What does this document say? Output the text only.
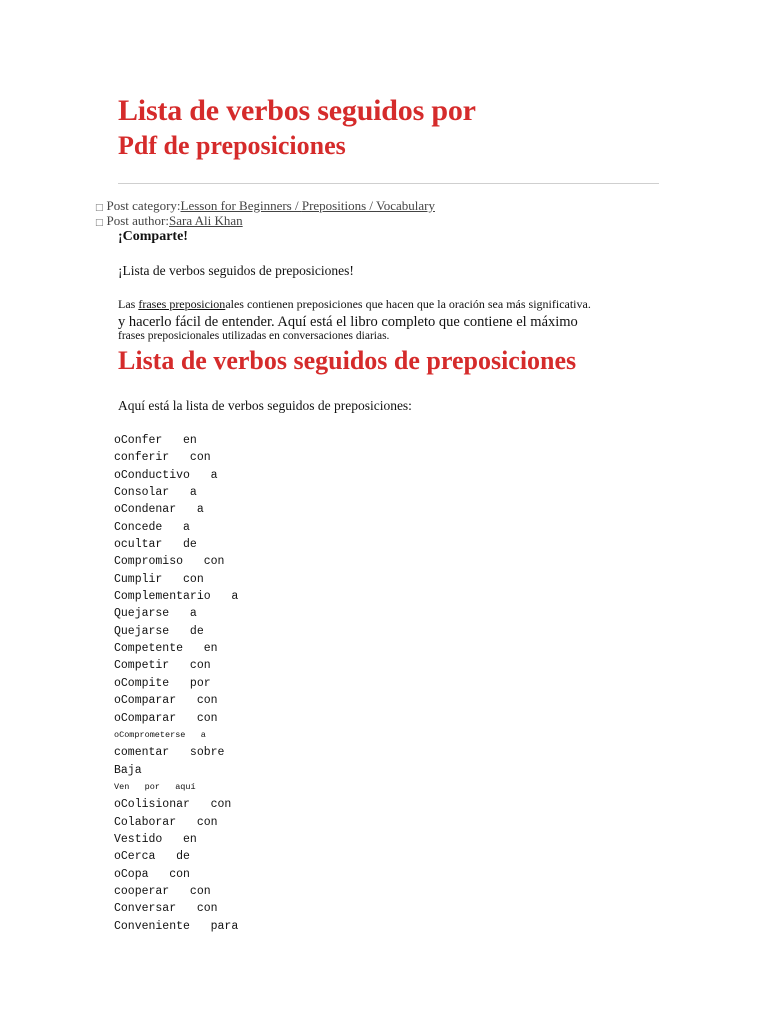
Lista de verbos seguidos por
Pdf de preposiciones
□ Post category:Lesson for Beginners / Prepositions / Vocabulary
□ Post author:Sara Ali Khan
¡Comparte!
¡Lista de verbos seguidos de preposiciones!
Las frases preposicionales contienen preposiciones que hacen que la oración sea más significativa.
y hacerlo fácil de entender. Aquí está el libro completo que contiene el máximo
frases preposicionales utilizadas en conversaciones diarias.
Lista de verbos seguidos de preposiciones
Aquí está la lista de verbos seguidos de preposiciones:
oConfer   en
conferir   con
oConductivo   a
Consolar   a
oCondenar   a
Concede   a
ocultar   de
Compromiso   con
Cumplir   con
Complementario   a
Quejarse   a
Quejarse   de
Competente   en
Competir   con
oCompite   por
oComparar   con
oComparar   con
oComprometerse   a
comentar   sobre
Baja
Ven   por   aquí
oColisionar   con
Colaborar   con
Vestido   en
oCerca   de
oCopa   con
cooperar   con
Conversar   con
Conveniente   para
